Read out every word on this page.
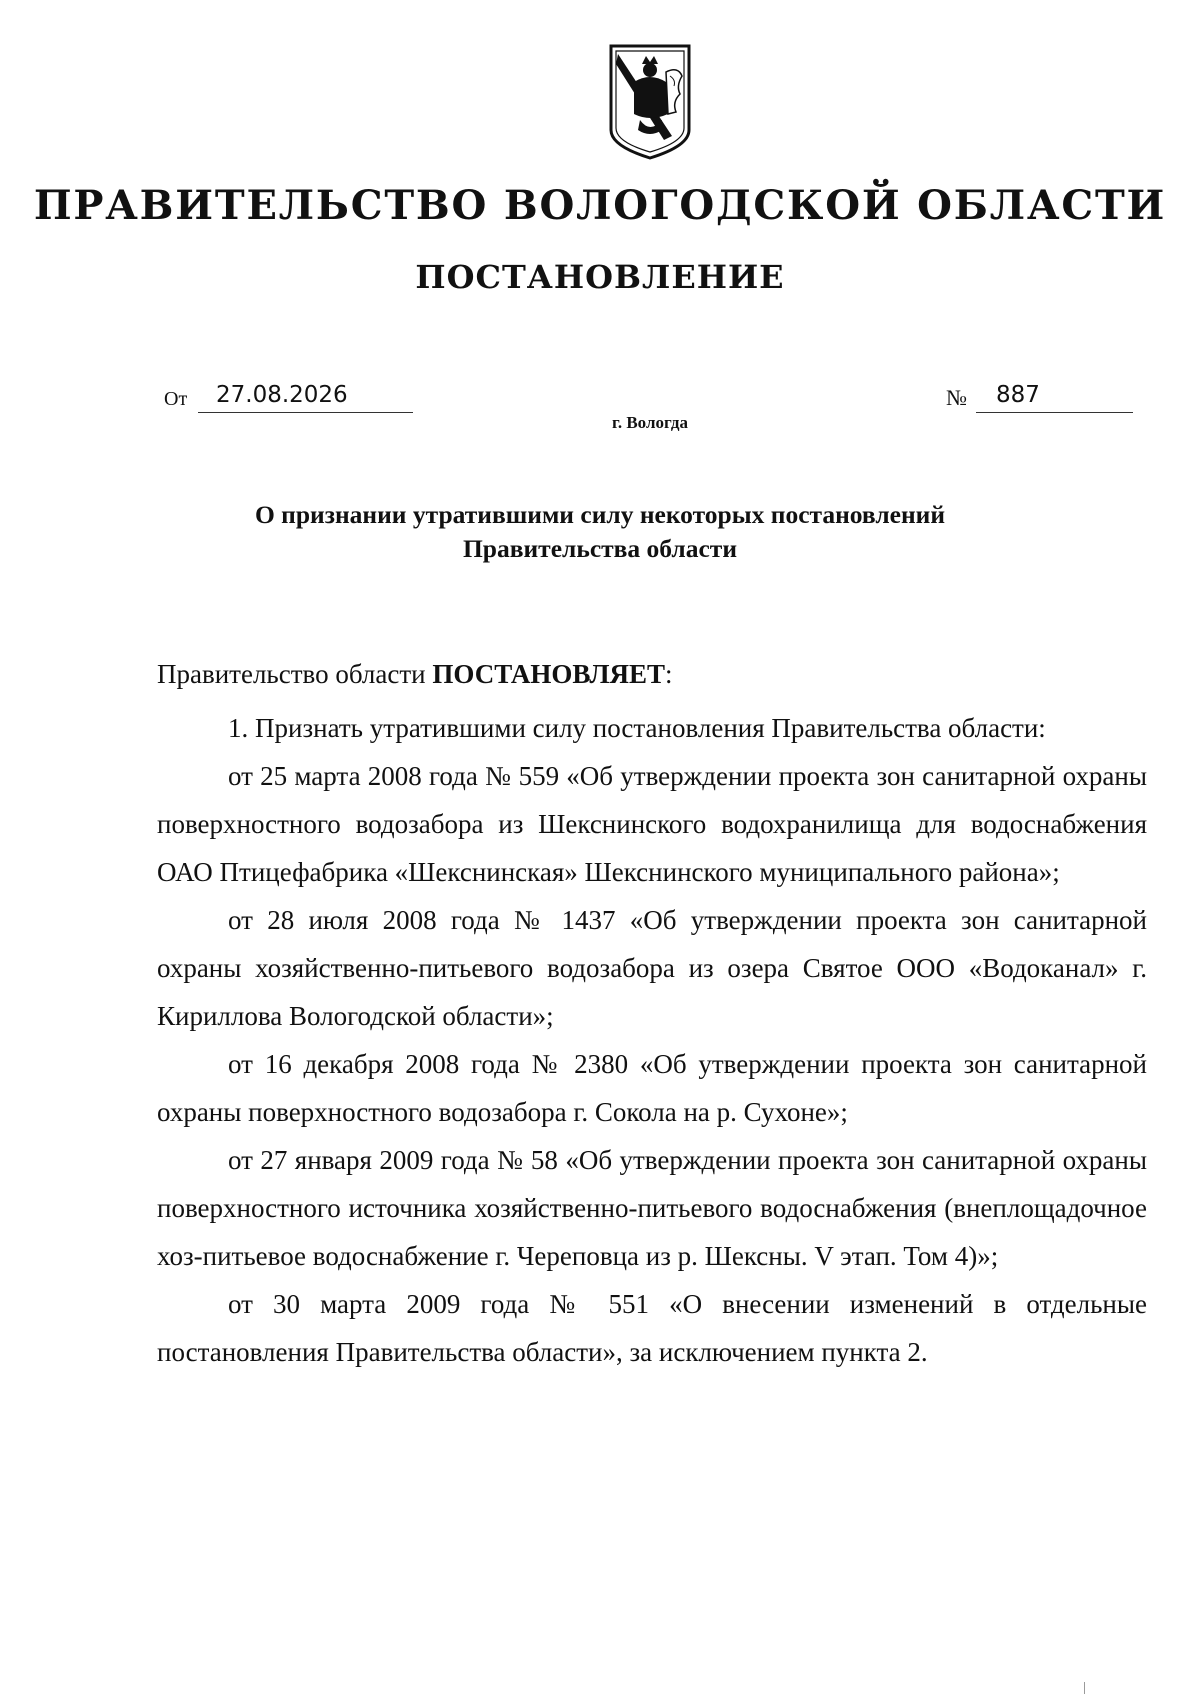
ПРАВИТЕЛЬСТВО ВОЛОГОДСКОЙ ОБЛАСТИ
ПОСТАНОВЛЕНИЕ
От	27.08.2026	№	887
г. Вологда
О признании утратившими силу некоторых постановлений
Правительства области

Правительство области ПОСТАНОВЛЯЕТ:

1. Признать утратившими силу постановления Правительства области:

от 25 марта 2008 года № 559 «Об утверждении проекта зон санитарной охраны поверхностного водозабора из Шекснинского водохранилища для водоснабжения ОАО Птицефабрика «Шекснинская» Шекснинского муниципального района»;

от 28 июля 2008 года № 1437 «Об утверждении проекта зон санитарной охраны хозяйственно-питьевого водозабора из озера Святое ООО «Водоканал» г. Кириллова Вологодской области»;

от 16 декабря 2008 года № 2380 «Об утверждении проекта зон санитарной охраны поверхностного водозабора г. Сокола на р. Сухоне»;

от 27 января 2009 года № 58 «Об утверждении проекта зон санитарной охраны поверхностного источника хозяйственно-питьевого водоснабжения (внеплощадочное хоз-питьевое водоснабжение г. Череповца из р. Шексны. V этап. Том 4)»;

от 30 марта 2009 года № 551 «О внесении изменений в отдельные постановления Правительства области», за исключением пункта 2.
